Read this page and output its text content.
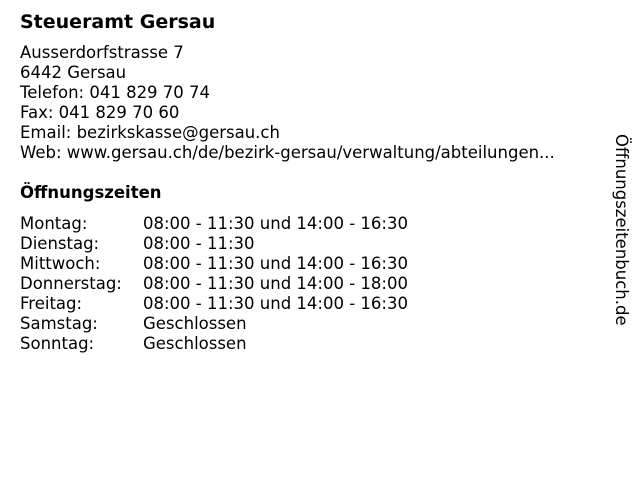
Steueramt Gersau
Ausserdorfstrasse 7
6442 Gersau
Telefon: 041 829 70 74
Fax: 041 829 70 60
Email: bezirkskasse@gersau.ch
Web: www.gersau.ch/de/bezirk-gersau/verwaltung/abteilungen...
Öffnungszeiten
Montag:	08:00 - 11:30 und 14:00 - 16:30
Dienstag:	08:00 - 11:30
Mittwoch:	08:00 - 11:30 und 14:00 - 16:30
Donnerstag: 08:00 - 11:30 und 14:00 - 18:00
Freitag:	08:00 - 11:30 und 14:00 - 16:30
Samstag:	Geschlossen
Sonntag:	Geschlossen
Öffnungszeitenbuch.de
